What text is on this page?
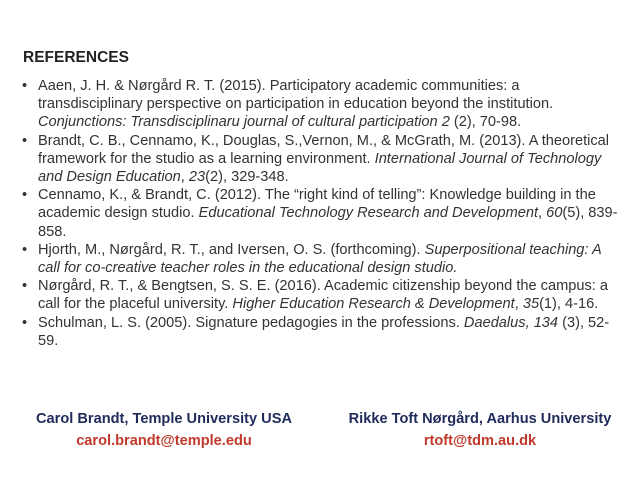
REFERENCES
• Aaen, J. H. & Nørgård R. T. (2015). Participatory academic communities: a transdisciplinary perspective on participation in education beyond the institution. Conjunctions: Transdisciplinaru journal of cultural participation 2 (2), 70-98.
• Brandt, C. B., Cennamo, K., Douglas, S.,Vernon, M., & McGrath, M. (2013). A theoretical framework for the studio as a learning environment. International Journal of Technology and Design Education, 23(2), 329-348.
• Cennamo, K., & Brandt, C. (2012). The “right kind of telling”: Knowledge building in the academic design studio. Educational Technology Research and Development, 60(5), 839-858.
• Hjorth, M., Nørgård, R. T., and Iversen, O. S. (forthcoming). Superpositional teaching: A call for co-creative teacher roles in the educational design studio.
• Nørgård, R. T., & Bengtsen, S. S. E. (2016). Academic citizenship beyond the campus: a call for the placeful university. Higher Education Research & Development, 35(1), 4-16.
• Schulman, L. S. (2005). Signature pedagogies in the professions. Daedalus, 134 (3), 52-59.
Carol Brandt, Temple University USA
carol.brandt@temple.edu
Rikke Toft Nørgård, Aarhus University
rtoft@tdm.au.dk
